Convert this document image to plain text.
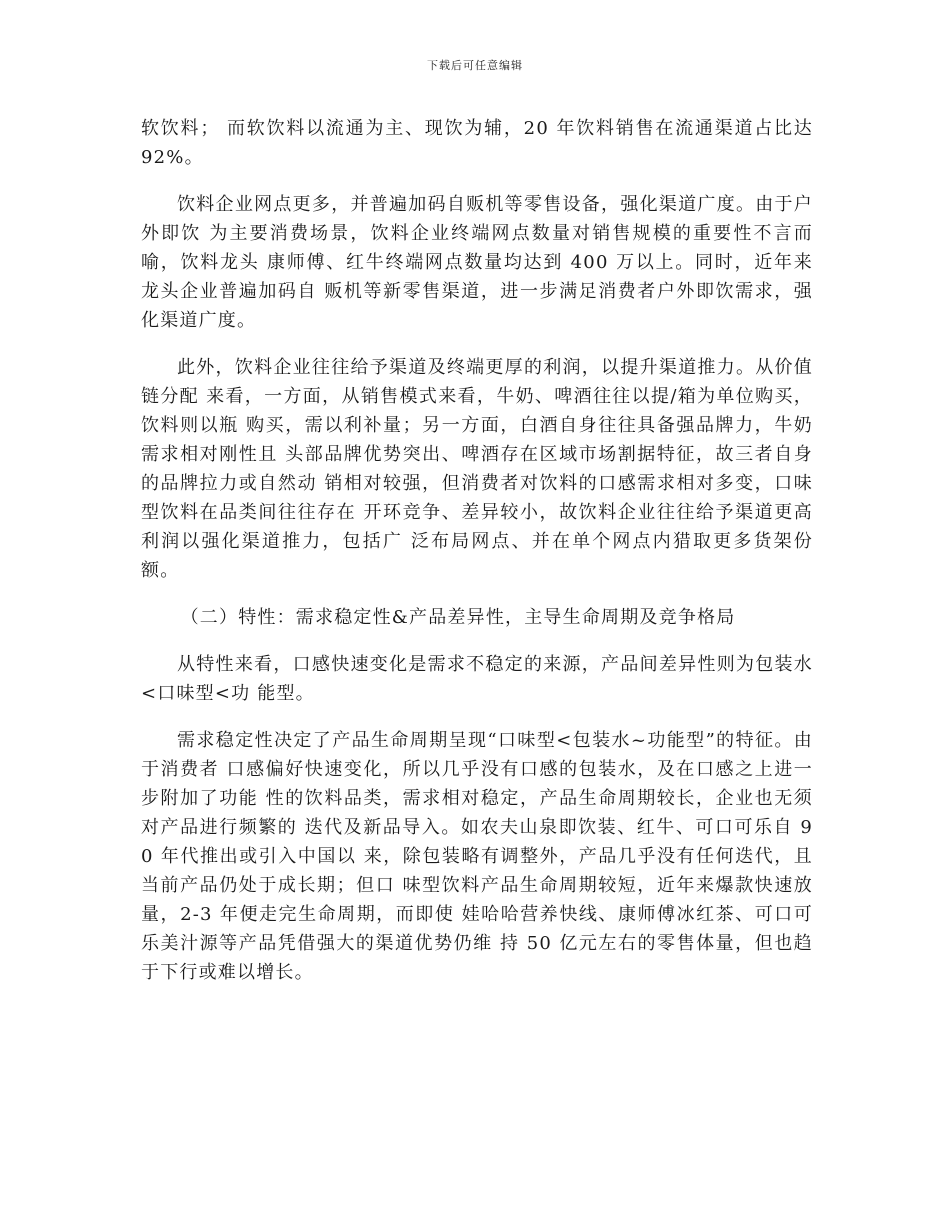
下载后可任意编辑

软饮料； 而软饮料以流通为主、现饮为辅，20 年饮料销售在流通渠道占比达 92%。

饮料企业网点更多，并普遍加码自贩机等零售设备，强化渠道广度。由于户外即饮 为主要消费场景，饮料企业终端网点数量对销售规模的重要性不言而喻，饮料龙头 康师傅、红牛终端网点数量均达到 400 万以上。同时，近年来龙头企业普遍加码自 贩机等新零售渠道，进一步满足消费者户外即饮需求，强化渠道广度。

此外，饮料企业往往给予渠道及终端更厚的利润，以提升渠道推力。从价值链分配 来看，一方面，从销售模式来看，牛奶、啤酒往往以提/箱为单位购买，饮料则以瓶 购买，需以利补量；另一方面，白酒自身往往具备强品牌力，牛奶需求相对刚性且 头部品牌优势突出、啤酒存在区域市场割据特征，故三者自身的品牌拉力或自然动 销相对较强，但消费者对饮料的口感需求相对多变，口味型饮料在品类间往往存在 开环竞争、差异较小，故饮料企业往往给予渠道更高利润以强化渠道推力，包括广 泛布局网点、并在单个网点内猎取更多货架份额。

（二）特性：需求稳定性&产品差异性，主导生命周期及竞争格局

从特性来看，口感快速变化是需求不稳定的来源，产品间差异性则为包装水<口味型<功 能型。

需求稳定性决定了产品生命周期呈现“口味型<包装水~功能型”的特征。由于消费者 口感偏好快速变化，所以几乎没有口感的包装水，及在口感之上进一步附加了功能 性的饮料品类，需求相对稳定，产品生命周期较长，企业也无须对产品进行频繁的 迭代及新品导入。如农夫山泉即饮装、红牛、可口可乐自 90 年代推出或引入中国以 来，除包装略有调整外，产品几乎没有任何迭代，且当前产品仍处于成长期；但口 味型饮料产品生命周期较短，近年来爆款快速放量，2-3 年便走完生命周期，而即使 娃哈哈营养快线、康师傅冰红茶、可口可乐美汁源等产品凭借强大的渠道优势仍维 持 50 亿元左右的零售体量，但也趋于下行或难以增长。
